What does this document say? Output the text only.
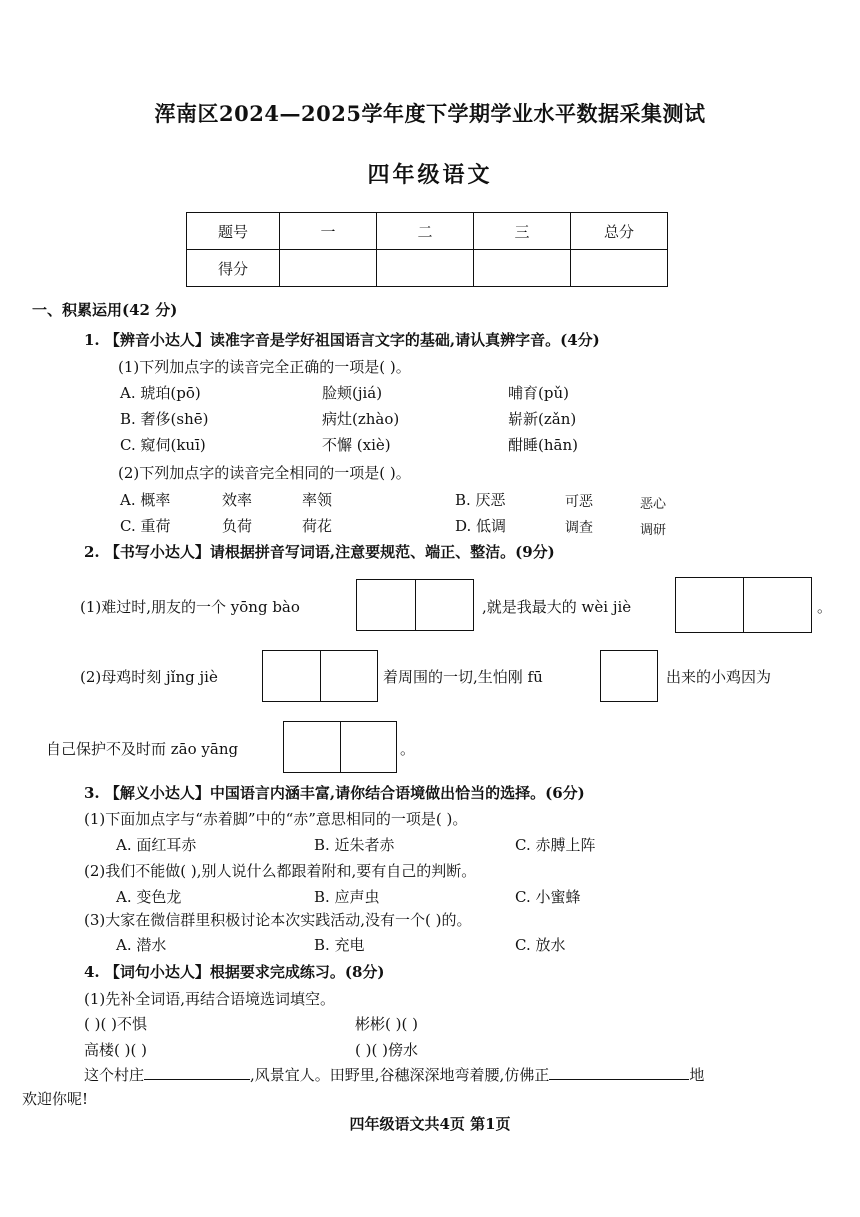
浑南区2024—2025学年度下学期学业水平数据采集测试
四年级语文
题号	一	二	三	总分
得分				
一、积累运用(42 分)
1. 【辨音小达人】读准字音是学好祖国语言文字的基础,请认真辨字音。(4分)
(1)下列加点字的读音完全正确的一项是( )。
A. 琥珀(pō)	脸颊(jiá)	哺育(pǔ)
B. 奢侈(shē)	病灶(zhào)	崭新(zǎn)
C. 窥伺(kuī)	不懈 (xiè)	酣睡(hān)
(2)下列加点字的读音完全相同的一项是( )。
A. 概率	效率	率领	B. 厌恶	可恶	恶心
C. 重荷	负荷	荷花	D. 低调	调查	调研
2. 【书写小达人】请根据拼音写词语,注意要规范、端正、整洁。(9分)
(1)难过时,朋友的一个 yōng bào	,就是我最大的 wèi jiè	。
(2)母鸡时刻 jǐng jiè	着周围的一切,生怕刚 fū	出来的小鸡因为
自己保护不及时而 zāo yāng	。
3. 【解义小达人】中国语言内涵丰富,请你结合语境做出恰当的选择。(6分)
(1)下面加点字与“赤着脚”中的“赤”意思相同的一项是( )。
A. 面红耳赤	B. 近朱者赤	C. 赤膊上阵
(2)我们不能做( ),别人说什么都跟着附和,要有自己的判断。
A. 变色龙	B. 应声虫	C. 小蜜蜂
(3)大家在微信群里积极讨论本次实践活动,没有一个( )的。
A. 潜水	B. 充电	C. 放水
4. 【词句小达人】根据要求完成练习。(8分)
(1)先补全词语,再结合语境选词填空。
( )( )不惧	彬彬( )( )
高楼( )( )	( )( )傍水
这个村庄	,风景宜人。田野里,谷穗深深地弯着腰,仿佛正	地
欢迎你呢!
四年级语文共4页 第1页
